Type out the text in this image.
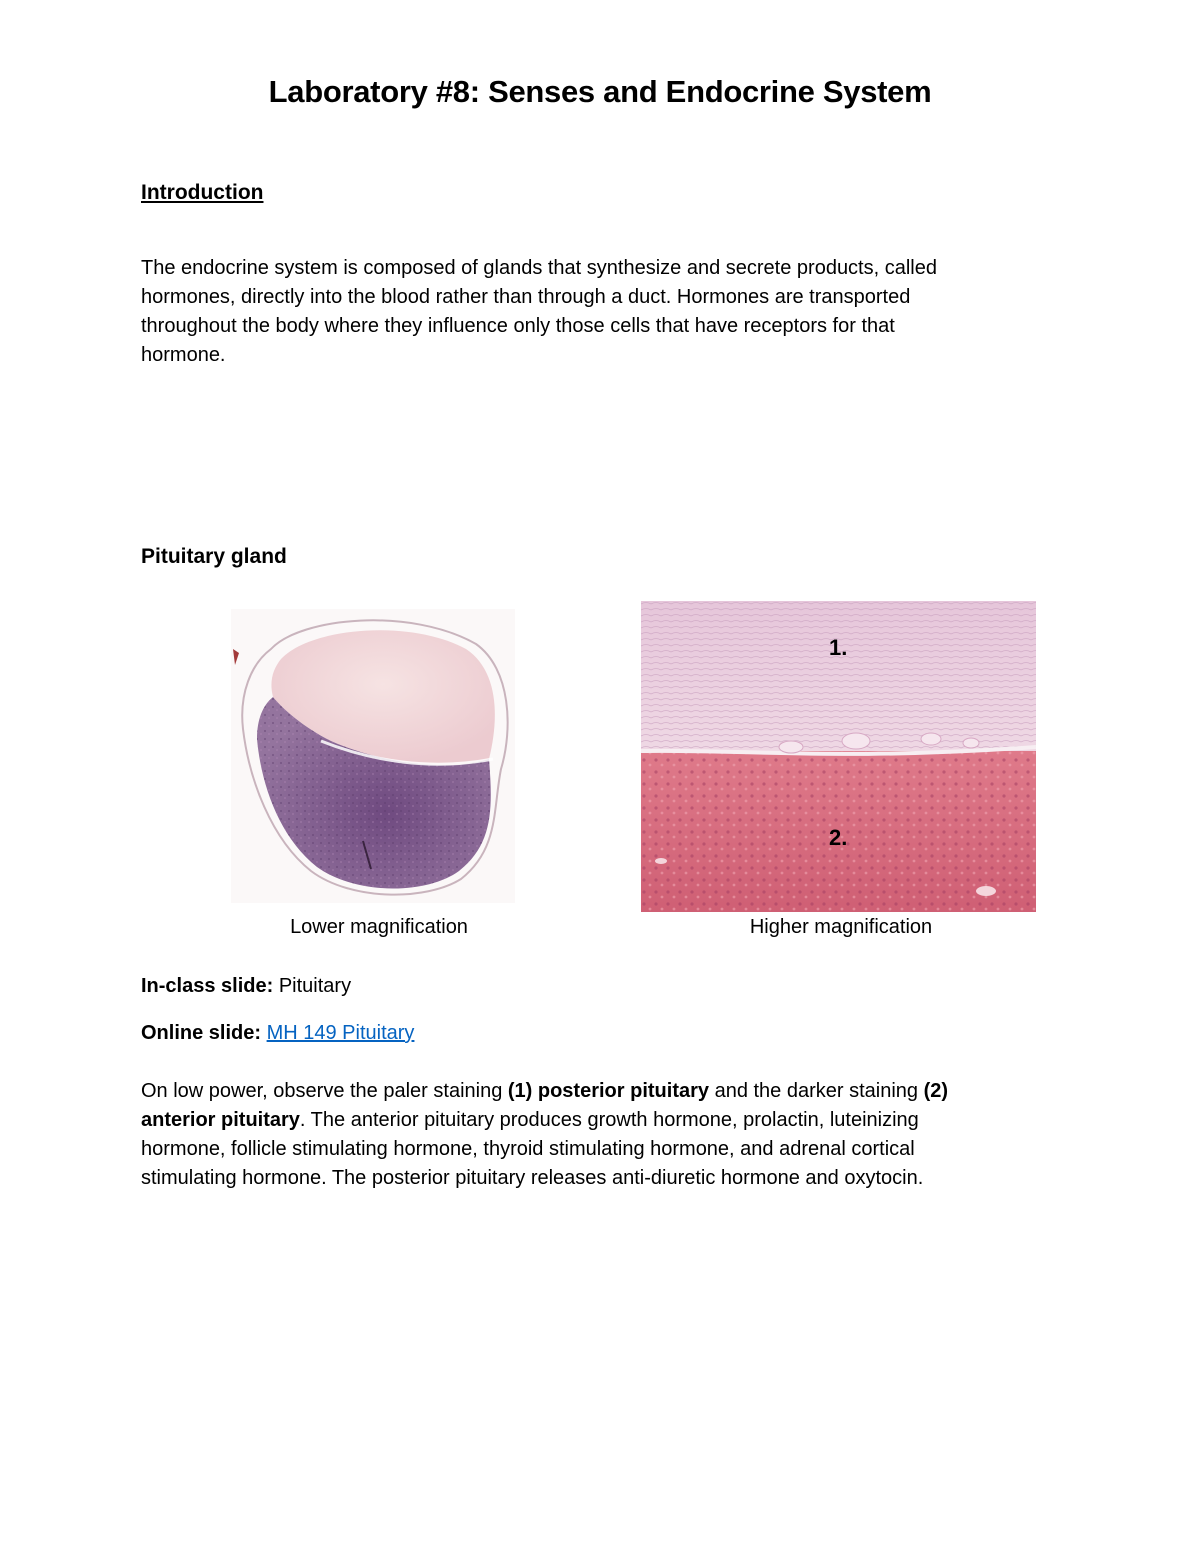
Laboratory #8: Senses and Endocrine System
Introduction
The endocrine system is composed of glands that synthesize and secrete products, called
hormones, directly into the blood rather than through a duct. Hormones are transported
throughout the body where they influence only those cells that have receptors for that
hormone.
Pituitary gland
1.
2.
Lower magnification	Higher magnification
In-class slide: Pituitary
Online slide: MH 149 Pituitary
On low power, observe the paler staining (1) posterior pituitary and the darker staining (2)
anterior pituitary. The anterior pituitary produces growth hormone, prolactin, luteinizing
hormone, follicle stimulating hormone, thyroid stimulating hormone, and adrenal cortical
stimulating hormone. The posterior pituitary releases anti-diuretic hormone and oxytocin.
